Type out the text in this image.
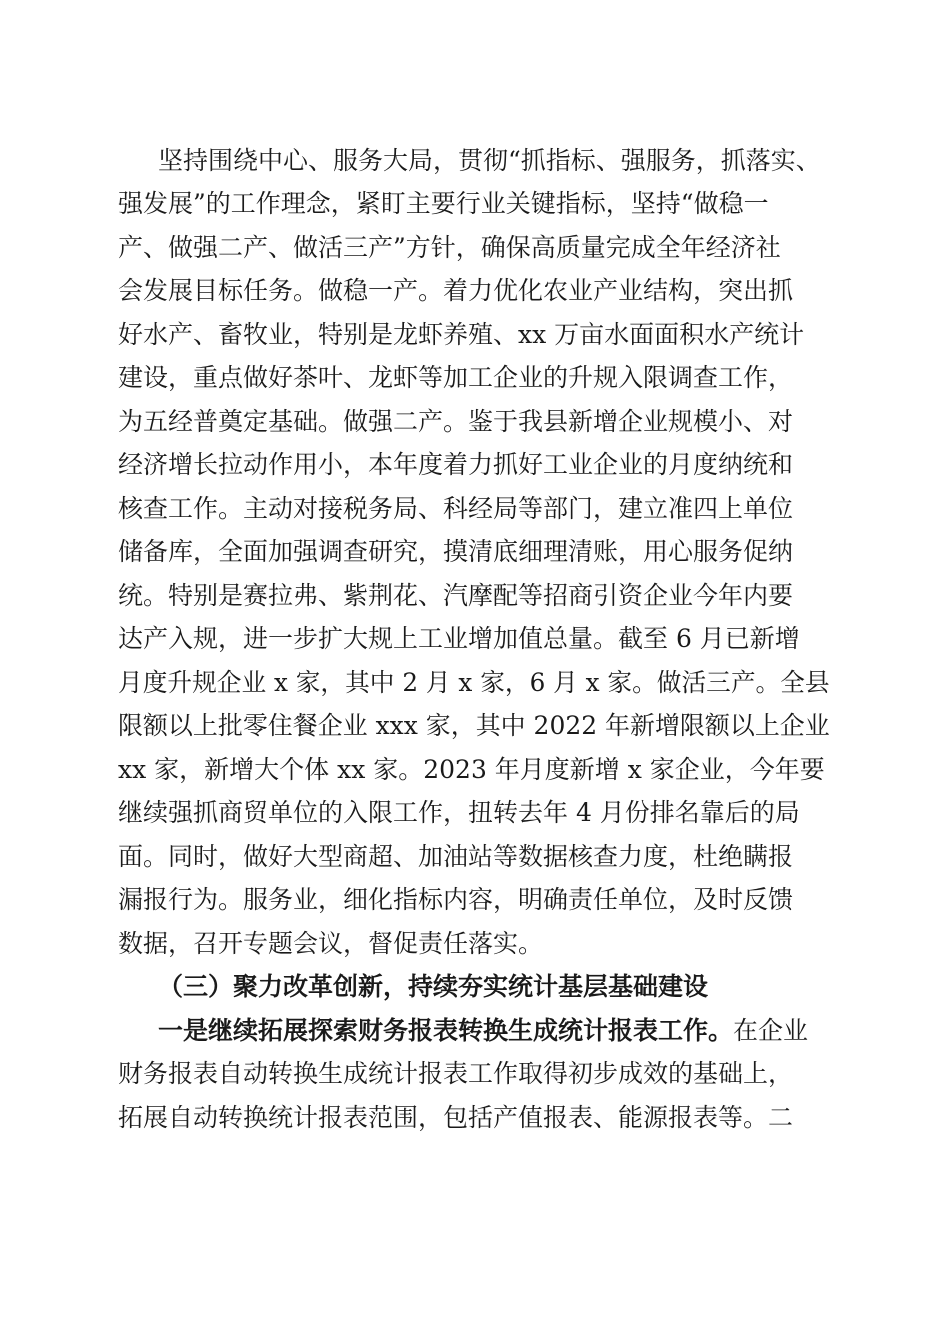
坚持围绕中心、服务大局，贯彻“抓指标、强服务，抓落实、
强发展”的工作理念，紧盯主要行业关键指标，坚持“做稳一
产、做强二产、做活三产”方针，确保高质量完成全年经济社
会发展目标任务。做稳一产。着力优化农业产业结构，突出抓
好水产、畜牧业，特别是龙虾养殖、xx 万亩水面面积水产统计
建设，重点做好茶叶、龙虾等加工企业的升规入限调查工作，
为五经普奠定基础。做强二产。鉴于我县新增企业规模小、对
经济增长拉动作用小，本年度着力抓好工业企业的月度纳统和
核查工作。主动对接税务局、科经局等部门，建立准四上单位
储备库，全面加强调查研究，摸清底细理清账，用心服务促纳
统。特别是赛拉弗、紫荆花、汽摩配等招商引资企业今年内要
达产入规，进一步扩大规上工业增加值总量。截至 6 月已新增
月度升规企业 x 家，其中 2 月 x 家，6 月 x 家。做活三产。全县
限额以上批零住餐企业 xxx 家，其中 2022 年新增限额以上企业
xx 家，新增大个体 xx 家。2023 年月度新增 x 家企业，今年要
继续强抓商贸单位的入限工作，扭转去年 4 月份排名靠后的局
面。同时，做好大型商超、加油站等数据核查力度，杜绝瞒报
漏报行为。服务业，细化指标内容，明确责任单位，及时反馈
数据，召开专题会议，督促责任落实。
（三）聚力改革创新，持续夯实统计基层基础建设
一是继续拓展探索财务报表转换生成统计报表工作。在企业
财务报表自动转换生成统计报表工作取得初步成效的基础上，
拓展自动转换统计报表范围，包括产值报表、能源报表等。二
